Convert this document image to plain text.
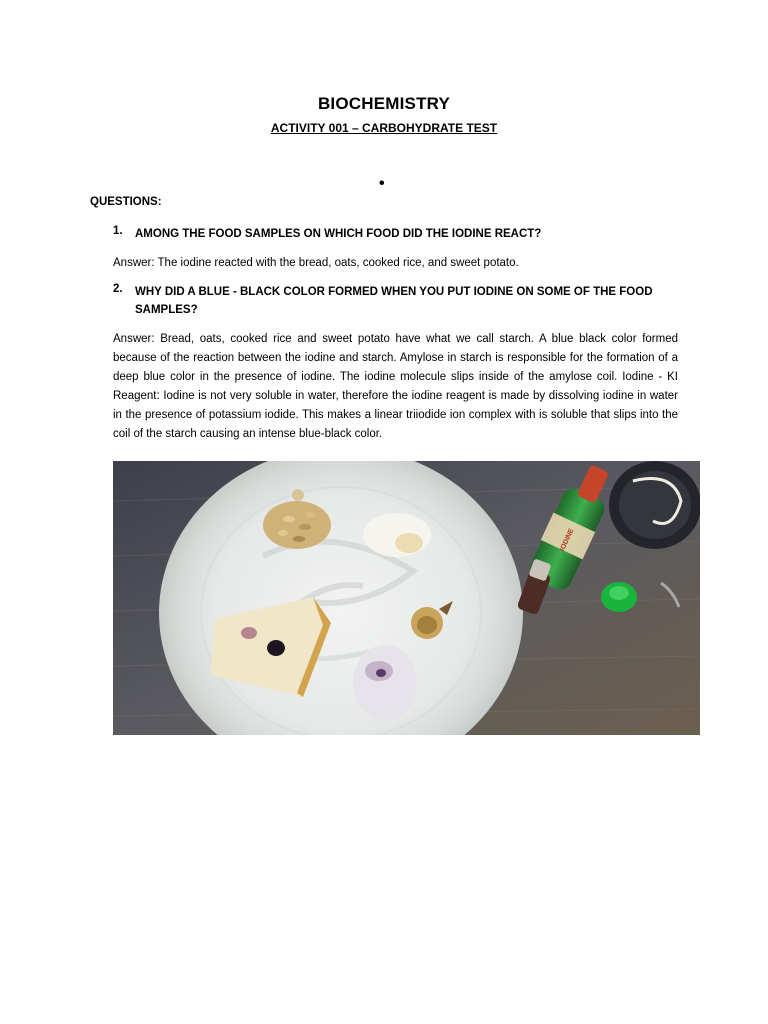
BIOCHEMISTRY
ACTIVITY 001 – CARBOHYDRATE TEST
•
QUESTIONS:
1. AMONG THE FOOD SAMPLES ON WHICH FOOD DID THE IODINE REACT?
Answer: The iodine reacted with the bread, oats, cooked rice, and sweet potato.
2. WHY DID A BLUE - BLACK COLOR FORMED WHEN YOU PUT IODINE ON SOME OF THE FOOD SAMPLES?
Answer: Bread, oats, cooked rice and sweet potato have what we call starch. A blue black color formed because of the reaction between the iodine and starch. Amylose in starch is responsible for the formation of a deep blue color in the presence of iodine. The iodine molecule slips inside of the amylose coil. Iodine - KI Reagent: Iodine is not very soluble in water, therefore the iodine reagent is made by dissolving iodine in water in the presence of potassium iodide. This makes a linear triiodide ion complex with is soluble that slips into the coil of the starch causing an intense blue-black color.
IODINE
